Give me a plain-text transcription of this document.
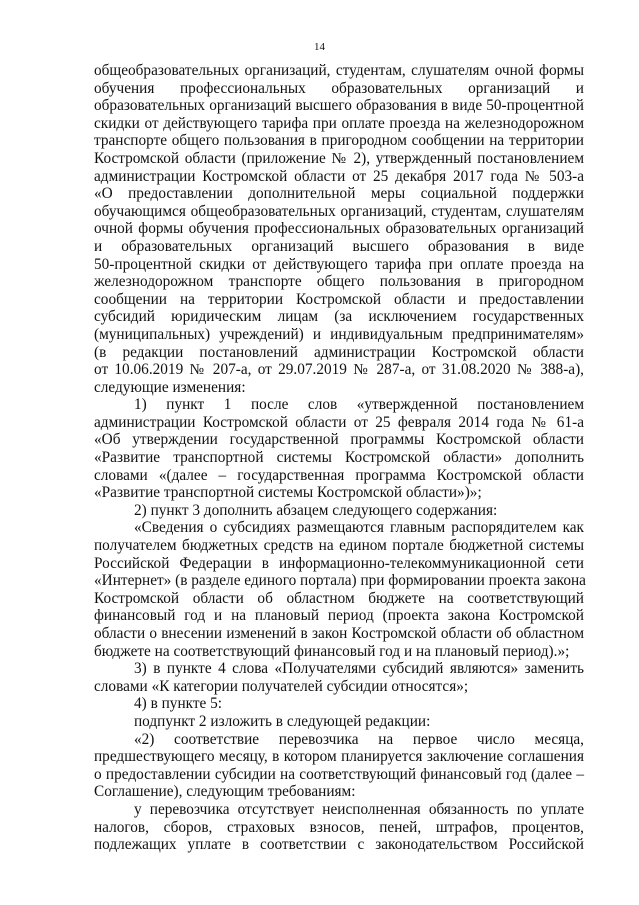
14
общеобразовательных организаций, студентам, слушателям очной формы
обучения профессиональных образовательных организаций и
образовательных организаций высшего образования в виде 50-процентной
скидки от действующего тарифа при оплате проезда на железнодорожном
транспорте общего пользования в пригородном сообщении на территории
Костромской области (приложение № 2), утвержденный постановлением
администрации Костромской области от 25 декабря 2017 года № 503-а
«О предоставлении дополнительной меры социальной поддержки
обучающимся общеобразовательных организаций, студентам, слушателям
очной формы обучения профессиональных образовательных организаций
и образовательных организаций высшего образования в виде
50-процентной скидки от действующего тарифа при оплате проезда на
железнодорожном транспорте общего пользования в пригородном
сообщении на территории Костромской области и предоставлении
субсидий юридическим лицам (за исключением государственных
(муниципальных) учреждений) и индивидуальным предпринимателям»
(в редакции постановлений администрации Костромской области
от 10.06.2019 № 207-а, от 29.07.2019 № 287-а, от 31.08.2020 № 388-а),
следующие изменения:
1) пункт 1 после слов «утвержденной постановлением
администрации Костромской области от 25 февраля 2014 года № 61-а
«Об утверждении государственной программы Костромской области
«Развитие транспортной системы Костромской области» дополнить
словами «(далее – государственная программа Костромской области
«Развитие транспортной системы Костромской области»)»;
2) пункт 3 дополнить абзацем следующего содержания:
«Сведения о субсидиях размещаются главным распорядителем как
получателем бюджетных средств на едином портале бюджетной системы
Российской Федерации в информационно-телекоммуникационной сети
«Интернет» (в разделе единого портала) при формировании проекта закона
Костромской области об областном бюджете на соответствующий
финансовый год и на плановый период (проекта закона Костромской
области о внесении изменений в закон Костромской области об областном
бюджете на соответствующий финансовый год и на плановый период).»;
3) в пункте 4 слова «Получателями субсидий являются» заменить
словами «К категории получателей субсидии относятся»;
4) в пункте 5:
подпункт 2 изложить в следующей редакции:
«2) соответствие перевозчика на первое число месяца,
предшествующего месяцу, в котором планируется заключение соглашения
о предоставлении субсидии на соответствующий финансовый год (далее –
Соглашение), следующим требованиям:
у перевозчика отсутствует неисполненная обязанность по уплате
налогов, сборов, страховых взносов, пеней, штрафов, процентов,
подлежащих уплате в соответствии с законодательством Российской
